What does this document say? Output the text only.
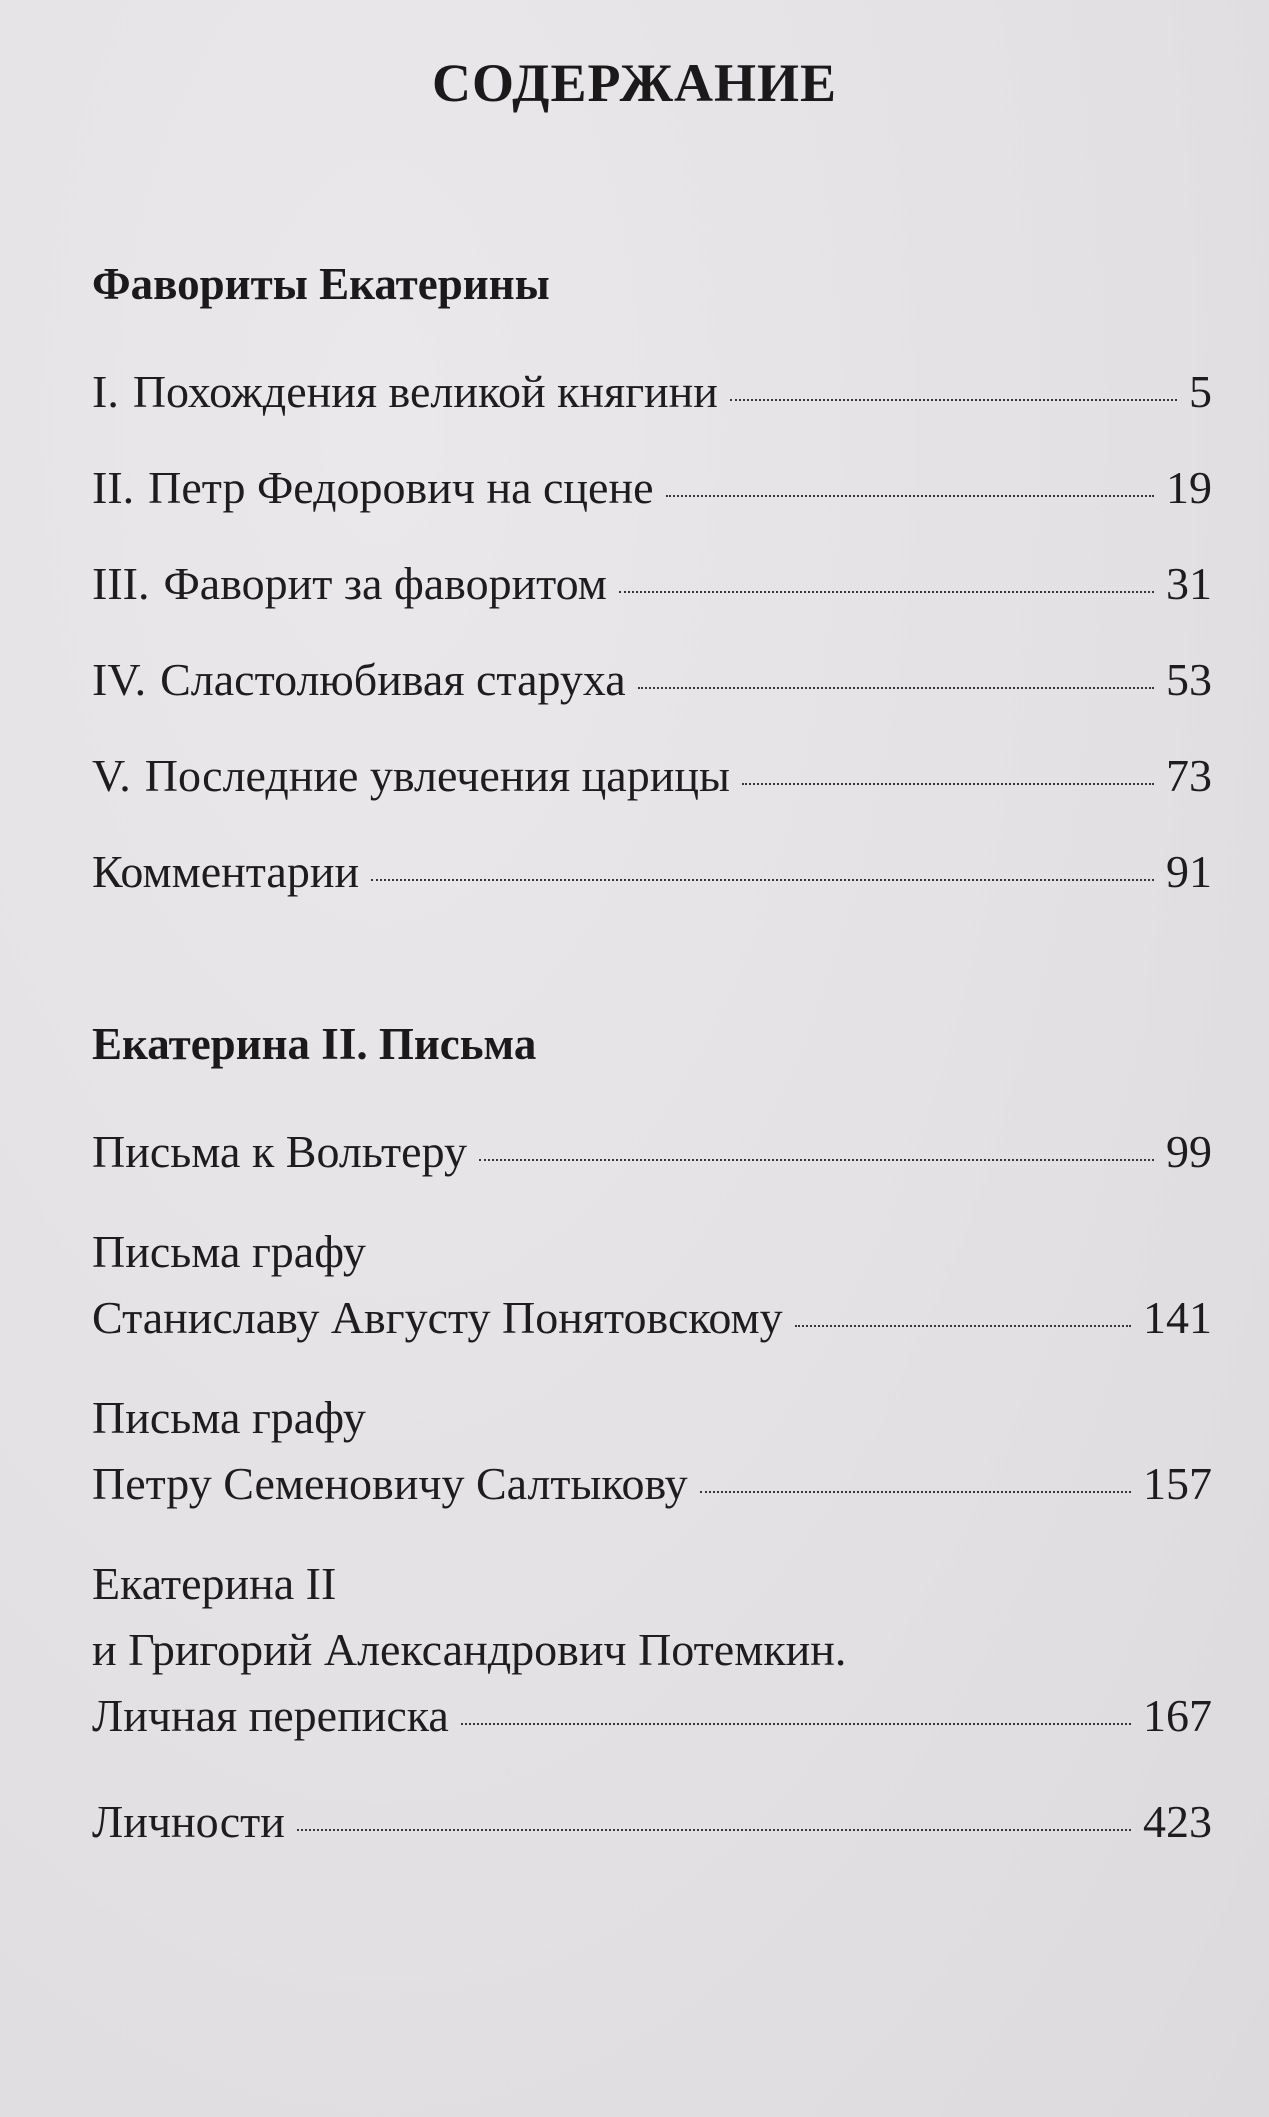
СОДЕРЖАНИЕ
Фавориты Екатерины
I. Похождения великой княгини	5
II. Петр Федорович на сцене	19
III. Фаворит за фаворитом	31
IV. Сластолюбивая старуха	53
V. Последние увлечения царицы	73
Комментарии	91
Екатерина II. Письма
Письма к Вольтеру	99
Письма графу
Станиславу Августу Понятовскому	141
Письма графу
Петру Семеновичу Салтыкову	157
Екатерина II
и Григорий Александрович Потемкин.
Личная переписка	167
Личности	423
